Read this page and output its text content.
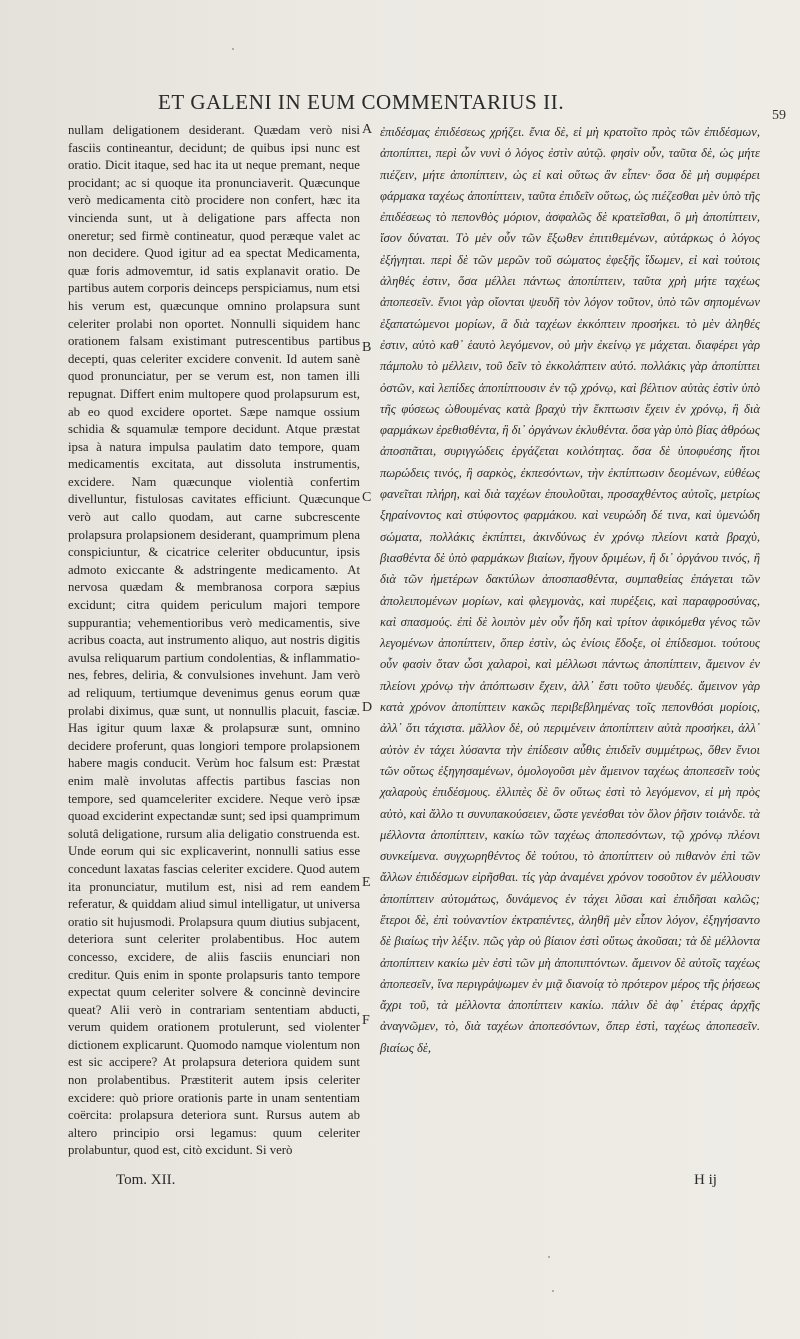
ET GALENI IN EUM COMMENTARIUS II.
59

nullam deligationem desiderant. Quædam verò nisi fasciis contineantur, decidunt; de quibus ipsi nunc est oratio. Dicit itaque, sed hac ita ut neque premant, neque procidant; ac si quoque ita pronunciaverit. Quæcunque verò medicamenta citò procidere non confert, hæc ita vincienda sunt, ut à deligatione pars affecta non oneretur; sed firmè contineatur, quod peræque valet ac non decidere. Quod igitur ad ea spectat Medicamenta, quæ foris admovemtur, id satis explanavit oratio. De partibus autem corporis deinceps perspiciamus, num etsi his verum est, quæcunque omnino prolapsura sunt celeriter prolabi non oportet. Nonnulli siquidem hanc orationem falsam existimant putrescentibus partibus decepti, quas celeriter excidere convenit. Id autem sanè quod pronunciatur, per se verum est, non tamen illi repugnat. Differt enim multopere quod prolapsurum est, ab eo quod excidere oportet. Sæpe namque ossium schidia & squamulæ tempore decidunt. Atque præstat ipsa à natura impulsa paulatim dato tempore, quam medicamentis excitata, aut dissoluta instrumentis, excidere. Nam quæcunque violentià confertim divelluntur, fistulosas cavitates efficiunt. Quæcunque verò aut callo quodam, aut carne subcrescente prolapsura prolapsionem desiderant, quamprimum plena conspiciuntur, & cicatrice celeriter obducuntur, ipsis admoto exiccante & adstringente medicamento. At nervosa quædam & membranosa corpora sæpius excidunt; citra quidem periculum majori tempore suppurantia; vehementioribus verò medicamentis, sive acribus coacta, aut instrumento aliquo, aut nostris digitis avulsa reliquarum partium condolentias, & inflammationes, febres, deliria, & convulsiones invehunt. Jam verò ad reliquum, tertiumque devenimus genus eorum quæ prolabi diximus, quæ sunt, ut nonnullis placuit, fasciæ. Has igitur quum laxæ & prolapsuræ sunt, omnino decidere proferunt, quas longiori tempore prolapsionem habere magis conducit. Verùm hoc falsum est: Præstat enim malè involutas affectis partibus fascias non tempore, sed quamceleriter excidere. Neque verò ipsæ quoad exciderint expectandæ sunt; sed ipsi quamprimum solutâ deligatione, rursum alia deligatio construenda est. Unde eorum qui sic explicaverint, nonnulli satius esse concedunt laxatas fascias celeriter excidere. Quod autem ita pronunciatur, mutilum est, nisi ad rem eandem referatur, & quiddam aliud simul intelligatur, ut universa oratio sit hujusmodi. Prolapsura quum diutius subjacent, deteriora sunt celeriter prolabentibus. Hoc autem concesso, excidere, de aliis fasciis enunciari non creditur. Quis enim in sponte prolapsuris tanto tempore expectat quum celeriter solvere & concinnè devincire queat? Alii verò in contrariam sententiam abducti, verum quidem orationem protulerunt, sed violenter dictionem explicarunt. Quomodo namque violentum non est sic accipere? At prolapsura deteriora quidem sunt non prolabentibus. Præstiterit autem ipsis celeriter excidere: quò priore orationis parte in unam sententiam coërcita: prolapsura deteriora sunt. Rursus autem ab altero principio orsi legamus: quum celeriter prolabuntur, quod est, citò excidunt. Si verò

A
B
C
D
E
F

ἐπιδέσμας ἐπιδέσεως χρήζει. ἔνια δὲ, εἰ μὴ κρατοῖτο πρὸς τῶν ἐπιδέσμων, ἀποπίπτει, περὶ ὧν νυνὶ ὁ λόγος ἐστὶν αὐτῷ. φησὶν οὖν, ταῦτα δὲ, ὡς μήτε πιέζειν, μήτε ἀποπίπτειν, ὡς εἰ καὶ οὕτως ἂν εἶπεν· ὅσα δὲ μὴ συμφέρει φάρμακα ταχέως ἀποπίπτειν, ταῦτα ἐπιδεῖν οὕτως, ὡς πιέζεσθαι μὲν ὑπὸ τῆς ἐπιδέσεως τὸ πεπονθὸς μόριον, ἀσφαλῶς δὲ κρατεῖσθαι, ὃ μὴ ἀποπίπτειν, ἴσον δύναται. Τὸ μὲν οὖν τῶν ἔξωθεν ἐπιτιθεμένων, αὐτάρκως ὁ λόγος ἐξήγηται. περὶ δὲ τῶν μερῶν τοῦ σώματος ἐφεξῆς ἴδωμεν, εἰ καὶ τούτοις ἀληθές ἐστιν, ὅσα μέλλει πάντως ἀποπίπτειν, ταῦτα χρὴ μήτε ταχέως ἀποπεσεῖν. ἔνιοι γὰρ οἴονται ψευδῆ τὸν λόγον τοῦτον, ὑπὸ τῶν σηπομένων ἐξαπατώμενοι μορίων, ἃ διὰ ταχέων ἐκκόπτειν προσήκει. τὸ μὲν ἀληθές ἐστιν, αὐτὸ καθ᾽ ἑαυτὸ λεγόμενον, οὐ μὴν ἐκείνῳ γε μάχεται. διαφέρει γὰρ πάμπολυ τὸ μέλλειν, τοῦ δεῖν τὸ ἐκκολάπτειν αὐτό. πολλάκις γὰρ ἀποπίπτει ὀστῶν, καὶ λεπίδες ἀποπίπτουσιν ἐν τῷ χρόνῳ, καὶ βέλτιον αὐτὰς ἐστὶν ὑπὸ τῆς φύσεως ὠθουμένας κατὰ βραχὺ τὴν ἔκπτωσιν ἔχειν ἐν χρόνῳ, ἢ διὰ φαρμάκων ἐρεθισθέντα, ἢ δι᾽ ὀργάνων ἐκλυθέντα. ὅσα γὰρ ὑπὸ βίας ἀθρόως ἀποσπᾶται, συριγγώδεις ἐργάζεται κοιλότητας. ὅσα δὲ ὑποφυέσης ἤτοι πωρώδεις τινός, ἢ σαρκὸς, ἐκπεσόντων, τὴν ἐκπίπτωσιν δεομένων, εὐθέως φανεῖται πλήρη, καὶ διὰ ταχέων ἐπουλοῦται, προσαχθέντος αὐτοῖς, μετρίως ξηραίνοντος καὶ στύφοντος φαρμάκου. καὶ νευρώδη δέ τινα, καὶ ὑμενώδη σώματα, πολλάκις ἐκπίπτει, ἀκινδύνως ἐν χρόνῳ πλείονι κατὰ βραχὺ, βιασθέντα δὲ ὑπὸ φαρμάκων βιαίων, ἤγουν δριμέων, ἢ δι᾽ ὀργάνου τινός, ἢ διὰ τῶν ἡμετέρων δακτύλων ἀποσπασθέντα, συμπαθείας ἐπάγεται τῶν ἀπολειπομένων μορίων, καὶ φλεγμονὰς, καὶ πυρέξεις, καὶ παραφροσύνας, καὶ σπασμούς. ἐπὶ δὲ λοιπὸν μὲν οὖν ἤδη καὶ τρίτον ἀφικόμεθα γένος τῶν λεγομένων ἀποπίπτειν, ὅπερ ἐστὶν, ὡς ἐνίοις ἔδοξε, οἱ ἐπίδεσμοι. τούτους οὖν φασὶν ὅταν ὦσι χαλαροὶ, καὶ μέλλωσι πάντως ἀποπίπτειν, ἄμεινον ἐν πλείονι χρόνῳ τὴν ἀπόπτωσιν ἔχειν, ἀλλ᾽ ἔστι τοῦτο ψευδές. ἄμεινον γὰρ κατὰ χρόνον ἀποπίπτειν κακῶς περιβεβλημένας τοῖς πεπονθόσι μορίοις, ἀλλ᾽ ὅτι τάχιστα. μᾶλλον δὲ, οὐ περιμένειν ἀποπίπτειν αὐτὰ προσήκει, ἀλλ᾽ αὐτὸν ἐν τάχει λύσαντα τὴν ἐπίδεσιν αὖθις ἐπιδεῖν συμμέτρως, ὅθεν ἔνιοι τῶν οὕτως ἐξηγησαμένων, ὁμολογοῦσι μὲν ἄμεινον ταχέως ἀποπεσεῖν τοὺς χαλαροὺς ἐπιδέσμους. ἐλλιπὲς δὲ ὂν οὕτως ἐστὶ τὸ λεγόμενον, εἰ μὴ πρὸς αὐτὸ, καὶ ἄλλο τι συνυπακούσειεν, ὥστε γενέσθαι τὸν ὅλον ῥῆσιν τοιάνδε. τὰ μέλλοντα ἀποπίπτειν, κακίω τῶν ταχέως ἀποπεσόντων, τῷ χρόνῳ πλέονι συνκείμενα. συγχωρηθέντος δὲ τούτου, τὸ ἀποπίπτειν οὐ πιθανὸν ἐπὶ τῶν ἄλλων ἐπιδέσμων εἰρῆσθαι. τίς γὰρ ἀναμένει χρόνον τοσοῦτον ἐν μέλλουσιν ἀποπίπτειν αὐτομάτως, δυνάμενος ἐν τάχει λῦσαι καὶ ἐπιδῆσαι καλῶς; ἕτεροι δὲ, ἐπὶ τοὐναντίον ἐκτραπέντες, ἀληθῆ μὲν εἶπον λόγον, ἐξηγήσαντο δὲ βιαίως τὴν λέξιν. πῶς γὰρ οὐ βίαιον ἐστὶ οὕτως ἀκοῦσαι; τὰ δὲ μέλλοντα ἀποπίπτειν κακίω μὲν ἐστὶ τῶν μὴ ἀποπιπτόντων. ἄμεινον δὲ αὐτοῖς ταχέως ἀποπεσεῖν, ἵνα περιγράψωμεν ἐν μιᾷ διανοίᾳ τὸ πρότερον μέρος τῆς ῥήσεως ἄχρι τοῦ, τὰ μέλλοντα ἀποπίπτειν κακίω. πάλιν δὲ ἀφ᾽ ἑτέρας ἀρχῆς ἀναγνῶμεν, τὸ, διὰ ταχέων ἀποπεσόντων, ὅπερ ἐστὶ, ταχέως ἀποπεσεῖν. βιαίως δὲ,

Tom. XII.	H ij
